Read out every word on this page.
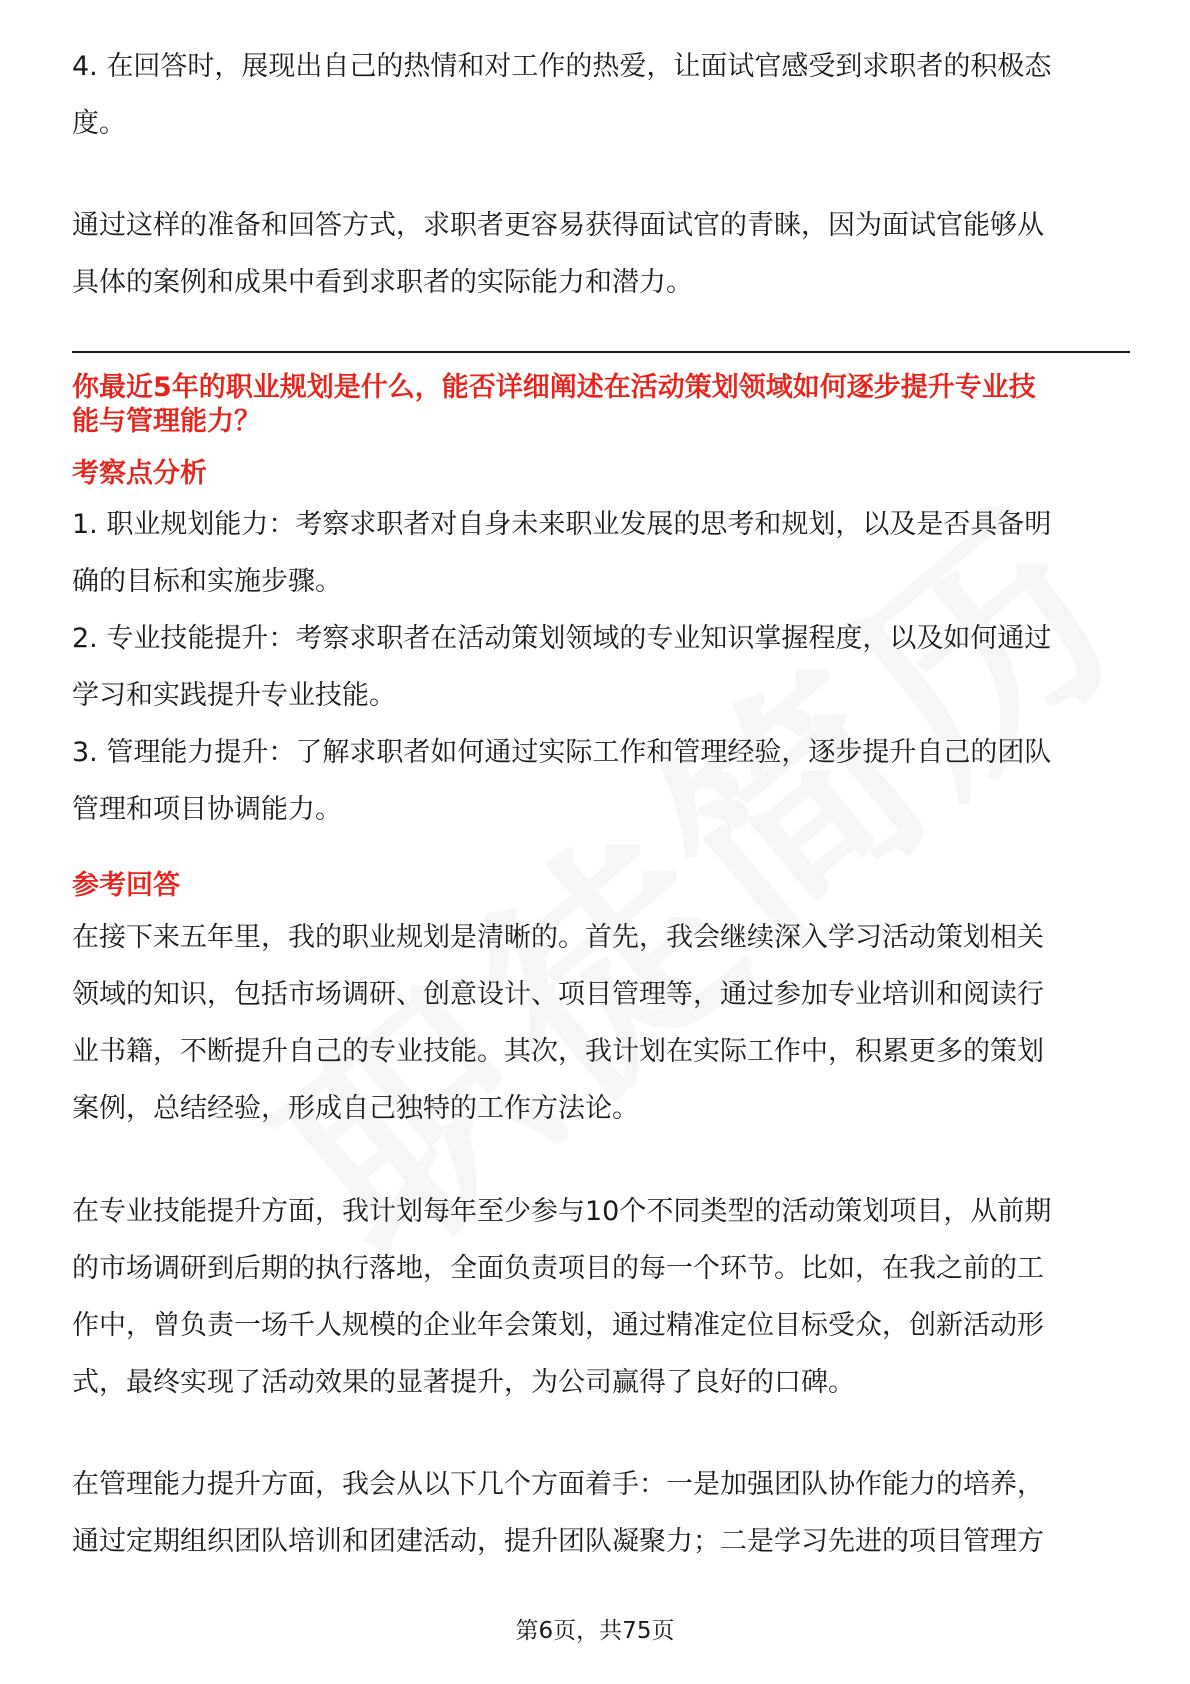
4. 在回答时，展现出自己的热情和对工作的热爱，让面试官感受到求职者的积极态

度。

通过这样的准备和回答方式，求职者更容易获得面试官的青睐，因为面试官能够从

具体的案例和成果中看到求职者的实际能力和潜力。

你最近5年的职业规划是什么，能否详细阐述在活动策划领域如何逐步提升专业技

能与管理能力？

考察点分析

1. 职业规划能力：考察求职者对自身未来职业发展的思考和规划，以及是否具备明

确的目标和实施步骤。

2. 专业技能提升：考察求职者在活动策划领域的专业知识掌握程度，以及如何通过

学习和实践提升专业技能。

3. 管理能力提升：了解求职者如何通过实际工作和管理经验，逐步提升自己的团队

管理和项目协调能力。

参考回答

在接下来五年里，我的职业规划是清晰的。首先，我会继续深入学习活动策划相关

领域的知识，包括市场调研、创意设计、项目管理等，通过参加专业培训和阅读行

业书籍，不断提升自己的专业技能。其次，我计划在实际工作中，积累更多的策划

案例，总结经验，形成自己独特的工作方法论。

在专业技能提升方面，我计划每年至少参与10个不同类型的活动策划项目，从前期

的市场调研到后期的执行落地，全面负责项目的每一个环节。比如，在我之前的工

作中，曾负责一场千人规模的企业年会策划，通过精准定位目标受众，创新活动形

式，最终实现了活动效果的显著提升，为公司赢得了良好的口碑。

在管理能力提升方面，我会从以下几个方面着手：一是加强团队协作能力的培养，

通过定期组织团队培训和团建活动，提升团队凝聚力；二是学习先进的项目管理方

第6页，共75页
